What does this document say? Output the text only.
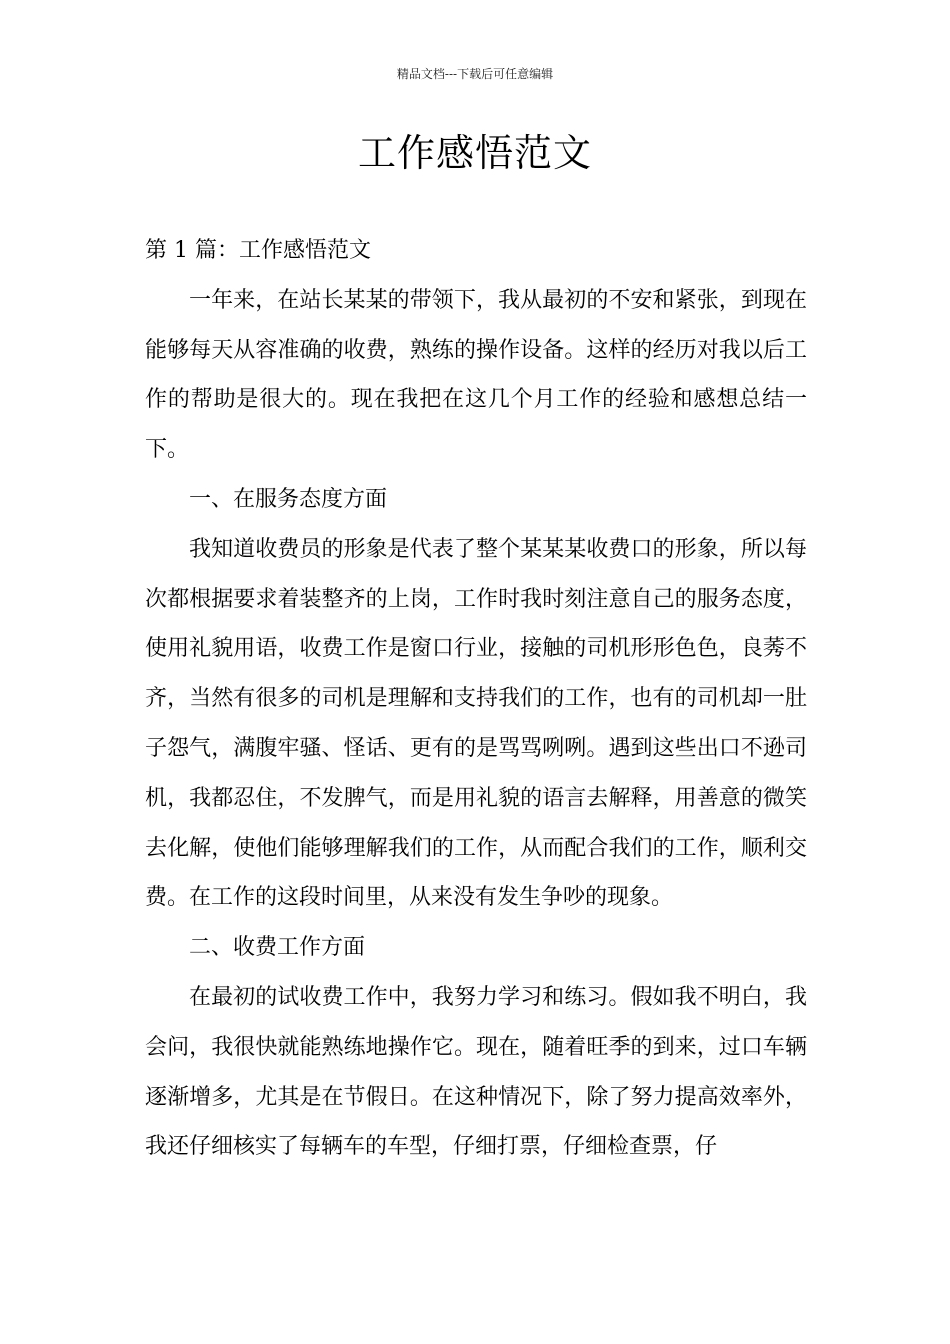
精品文档---下载后可任意编辑
工作感悟范文

第 1 篇：工作感悟范文

一年来，在站长某某的带领下，我从最初的不安和紧张，到现在能够每天从容准确的收费，熟练的操作设备。这样的经历对我以后工作的帮助是很大的。现在我把在这几个月工作的经验和感想总结一下。

一、在服务态度方面

我知道收费员的形象是代表了整个某某某收费口的形象，所以每次都根据要求着装整齐的上岗，工作时我时刻注意自己的服务态度，使用礼貌用语，收费工作是窗口行业，接触的司机形形色色，良莠不齐，当然有很多的司机是理解和支持我们的工作，也有的司机却一肚子怨气，满腹牢骚、怪话、更有的是骂骂咧咧。遇到这些出口不逊司机，我都忍住，不发脾气，而是用礼貌的语言去解释，用善意的微笑去化解，使他们能够理解我们的工作，从而配合我们的工作，顺利交费。在工作的这段时间里，从来没有发生争吵的现象。

二、收费工作方面

在最初的试收费工作中，我努力学习和练习。假如我不明白，我会问，我很快就能熟练地操作它。现在，随着旺季的到来，过口车辆逐渐增多，尤其是在节假日。在这种情况下，除了努力提高效率外，我还仔细核实了每辆车的车型，仔细打票，仔细检查票，仔
